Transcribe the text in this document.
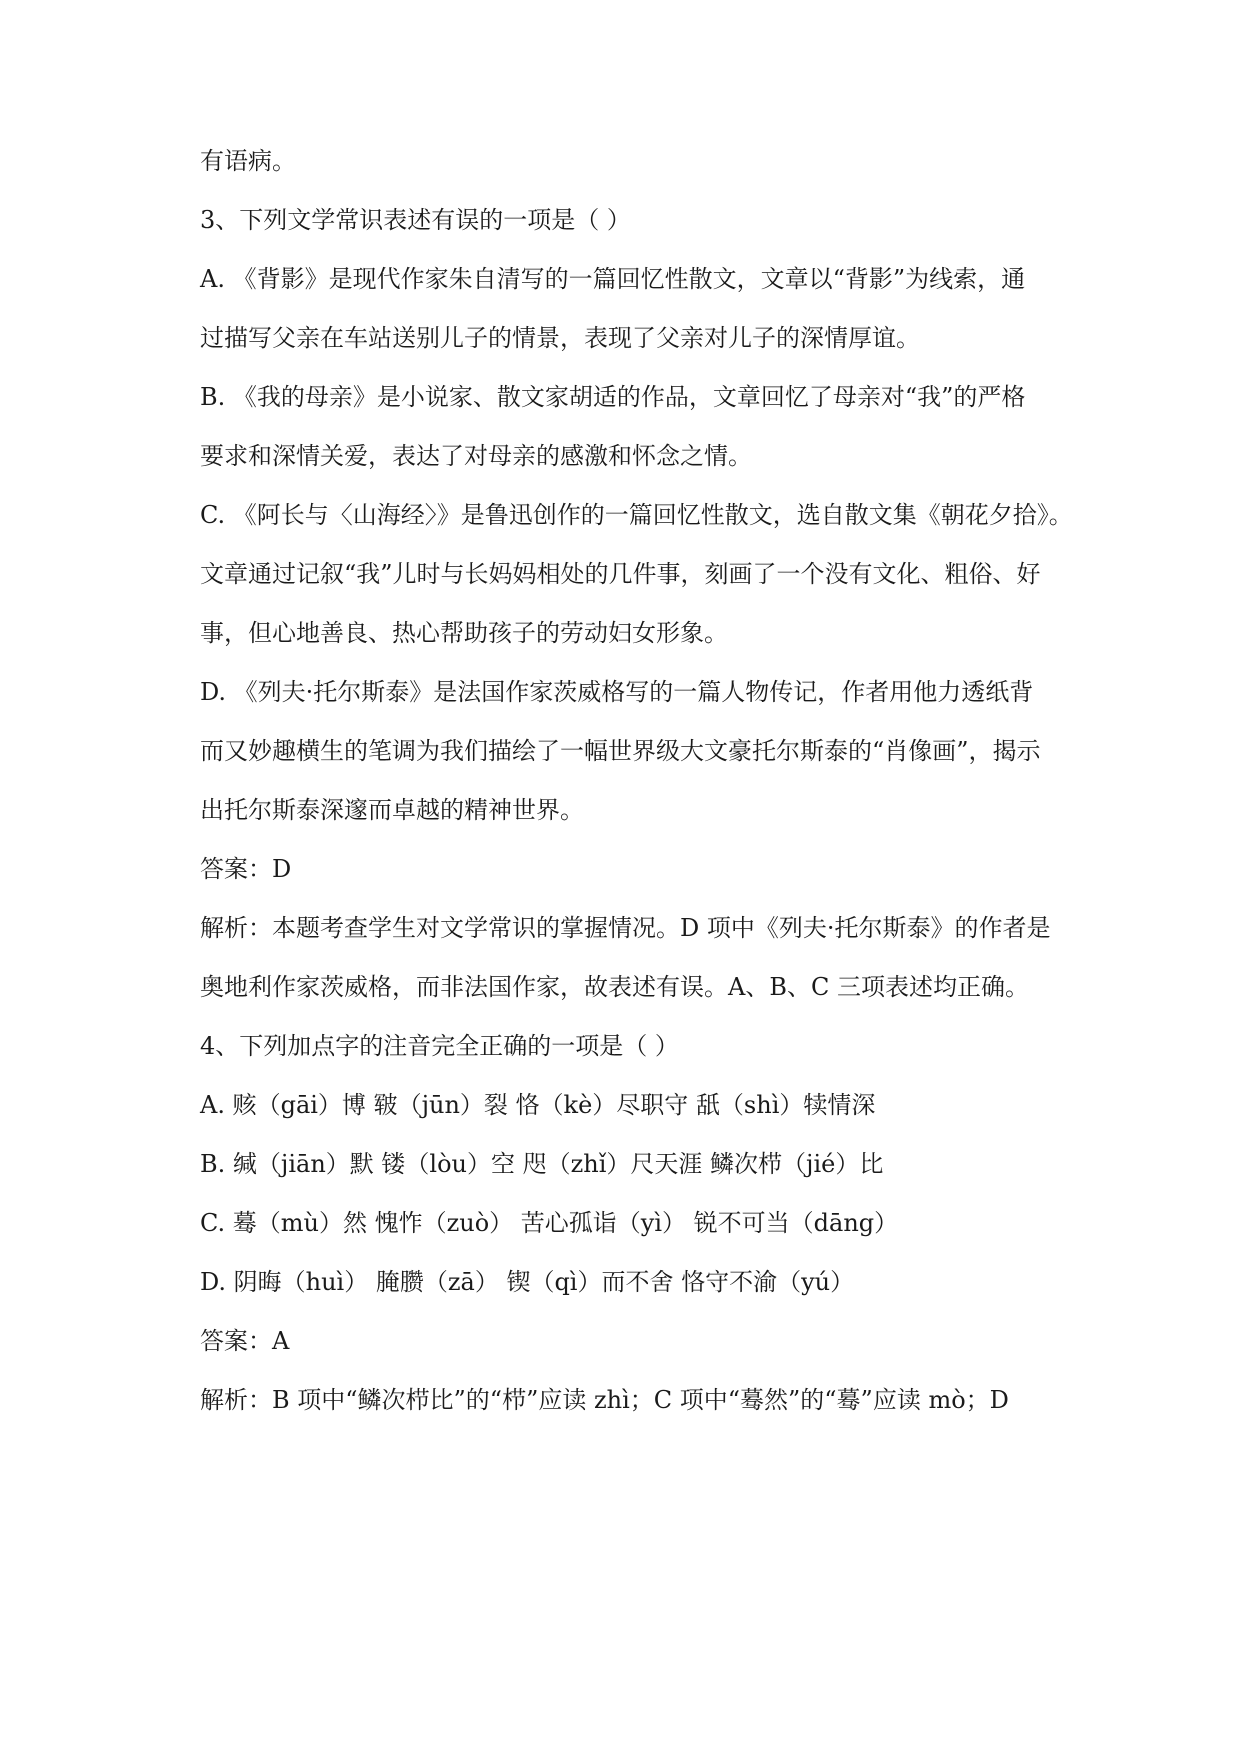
有语病。
3、下列文学常识表述有误的一项是（ ）
A. 《背影》是现代作家朱自清写的一篇回忆性散文，文章以“背影”为线索，通
过描写父亲在车站送别儿子的情景，表现了父亲对儿子的深情厚谊。
B. 《我的母亲》是小说家、散文家胡适的作品，文章回忆了母亲对“我”的严格
要求和深情关爱，表达了对母亲的感激和怀念之情。
C. 《阿长与〈山海经〉》是鲁迅创作的一篇回忆性散文，选自散文集《朝花夕拾》。
文章通过记叙“我”儿时与长妈妈相处的几件事，刻画了一个没有文化、粗俗、好
事，但心地善良、热心帮助孩子的劳动妇女形象。
D. 《列夫·托尔斯泰》是法国作家茨威格写的一篇人物传记，作者用他力透纸背
而又妙趣横生的笔调为我们描绘了一幅世界级大文豪托尔斯泰的“肖像画”，揭示
出托尔斯泰深邃而卓越的精神世界。
答案：D
解析：本题考查学生对文学常识的掌握情况。D 项中《列夫·托尔斯泰》的作者是
奥地利作家茨威格，而非法国作家，故表述有误。A、B、C 三项表述均正确。
4、下列加点字的注音完全正确的一项是（ ）
A. 赅（gāi）博 皲（jūn）裂 恪（kè）尽职守 舐（shì）犊情深
B. 缄（jiān）默 镂（lòu）空 咫（zhǐ）尺天涯 鳞次栉（jié）比
C. 蓦（mù）然 愧怍（zuò） 苦心孤诣（yì） 锐不可当（dāng）
D. 阴晦（huì） 腌臜（zā） 锲（qì）而不舍 恪守不渝（yú）
答案：A
解析：B 项中“鳞次栉比”的“栉”应读 zhì；C 项中“蓦然”的“蓦”应读 mò；D
